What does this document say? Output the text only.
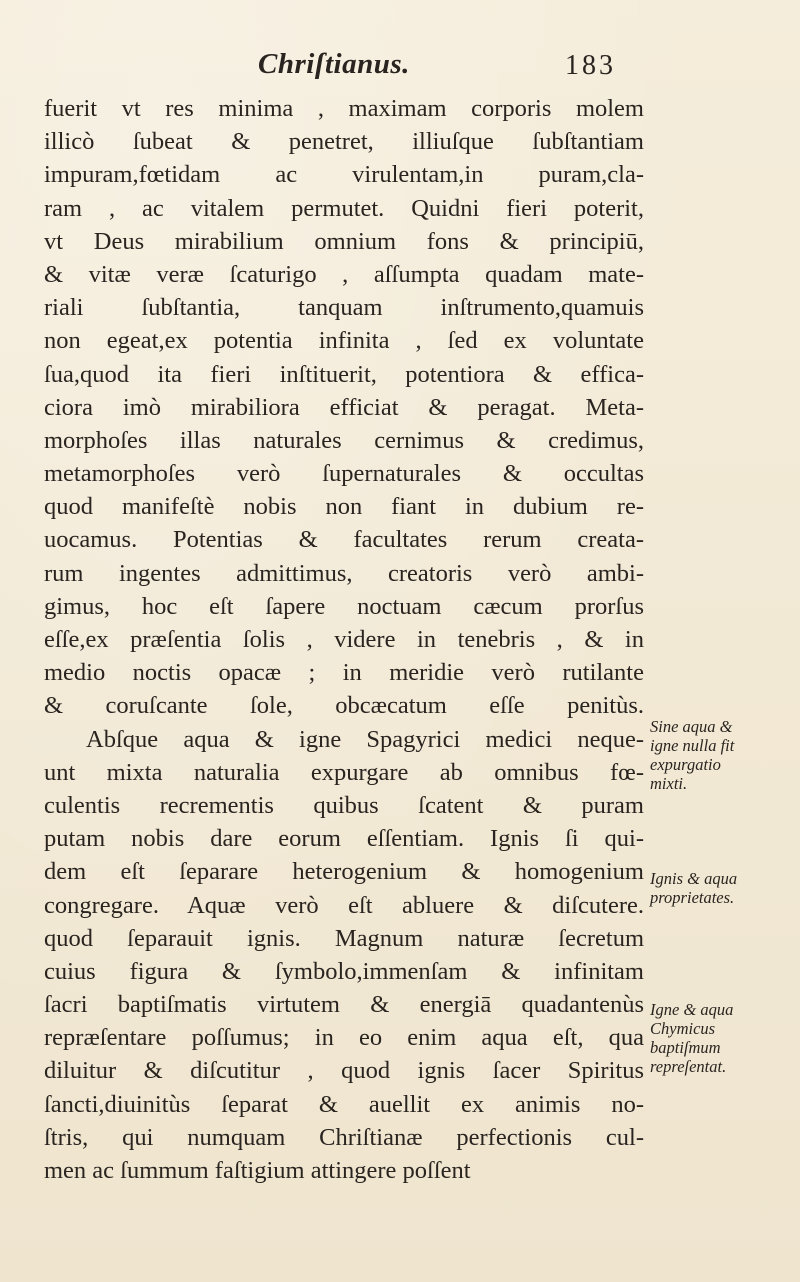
Chriſtianus.	183
fuerit vt res minima , maximam corporis molem
illicò ſubeat & penetret, illiuſque ſubſtantiam
impuram,fœtidam ac virulentam,in puram,cla-
ram , ac vitalem permutet. Quidni fieri poterit,
vt Deus mirabilium omnium fons & principiū,
& vitæ veræ ſcaturigo , aſſumpta quadam mate-
riali ſubſtantia, tanquam inſtrumento,quamuis
non egeat,ex potentia infinita , ſed ex voluntate
ſua,quod ita fieri inſtituerit, potentiora & effica-
ciora imò mirabiliora efficiat & peragat. Meta-
morphoſes illas naturales cernimus & credimus,
metamorphoſes verò ſupernaturales & occultas
quod manifeſtè nobis non fiant in dubium re-
uocamus. Potentias & facultates rerum creata-
rum ingentes admittimus, creatoris verò ambi-
gimus, hoc eſt ſapere noctuam cæcum prorſus
eſſe,ex præſentia ſolis , videre in tenebris , & in
medio noctis opacæ ; in meridie verò rutilante
& coruſcante ſole, obcæcatum eſſe penitùs.
Abſque aqua & igne Spagyrici medici neque-
unt mixta naturalia expurgare ab omnibus fœ-
culentis recrementis quibus ſcatent & puram
putam nobis dare eorum eſſentiam. Ignis ſi qui-
dem eſt ſeparare heterogenium & homogenium
congregare. Aquæ verò eſt abluere & diſcutere.
quod ſeparauit ignis. Magnum naturæ ſecretum
cuius figura & ſymbolo,immenſam & infinitam
ſacri baptiſmatis virtutem & energiā quadantenùs
repræſentare poſſumus; in eo enim aqua eſt, qua
diluitur & diſcutitur , quod ignis ſacer Spiritus
ſancti,diuinitùs ſeparat & auellit ex animis no-
ſtris, qui numquam Chriſtianæ perfectionis cul-
men ac ſummum faſtigium attingere poſſent
Sine aqua &
igne nulla fit
expurgatio
mixti.
Ignis & aqua
proprietates.
Igne & aqua
Chymicus
baptiſmum
repreſentat.
